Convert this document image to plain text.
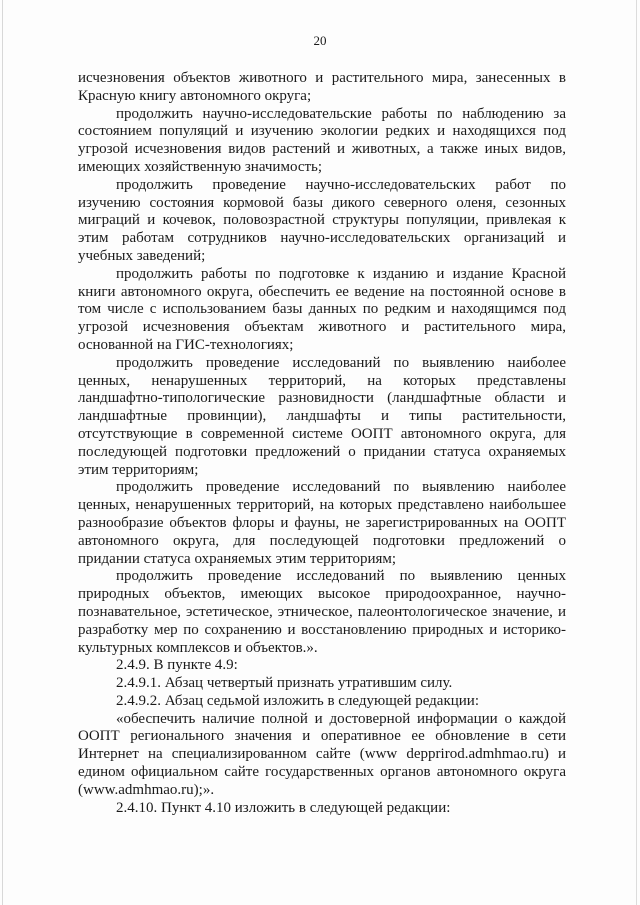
20

исчезновения объектов животного и растительного мира, занесенных в Красную книгу автономного округа;

продолжить научно-исследовательские работы по наблюдению за состоянием популяций и изучению экологии редких и находящихся под угрозой исчезновения видов растений и животных, а также иных видов, имеющих хозяйственную значимость;

продолжить проведение научно-исследовательских работ по изучению состояния кормовой базы дикого северного оленя, сезонных миграций и кочевок, половозрастной структуры популяции, привлекая к этим работам сотрудников научно-исследовательских организаций и учебных заведений;

продолжить работы по подготовке к изданию и издание Красной книги автономного округа, обеспечить ее ведение на постоянной основе в том числе с использованием базы данных по редким и находящимся под угрозой исчезновения объектам животного и растительного мира, основанной на ГИС-технологиях;

продолжить проведение исследований по выявлению наиболее ценных, ненарушенных территорий, на которых представлены ландшафтно-типологические разновидности (ландшафтные области и ландшафтные провинции), ландшафты и типы растительности, отсутствующие в современной системе ООПТ автономного округа, для последующей подготовки предложений о придании статуса охраняемых этим территориям;

продолжить проведение исследований по выявлению наиболее ценных, ненарушенных территорий, на которых представлено наибольшее разнообразие объектов флоры и фауны, не зарегистрированных на ООПТ автономного округа, для последующей подготовки предложений о придании статуса охраняемых этим территориям;

продолжить проведение исследований по выявлению ценных природных объектов, имеющих высокое природоохранное, научно-познавательное, эстетическое, этническое, палеонтологическое значение, и разработку мер по сохранению и восстановлению природных и историко-культурных комплексов и объектов.».

2.4.9. В пункте 4.9:

2.4.9.1. Абзац четвертый признать утратившим силу.

2.4.9.2. Абзац седьмой изложить в следующей редакции:

«обеспечить наличие полной и достоверной информации о каждой ООПТ регионального значения и оперативное ее обновление в сети Интернет на специализированном сайте (www depprirod.admhmao.ru) и едином официальном сайте государственных органов автономного округа (www.admhmao.ru);».

2.4.10. Пункт 4.10 изложить в следующей редакции:
